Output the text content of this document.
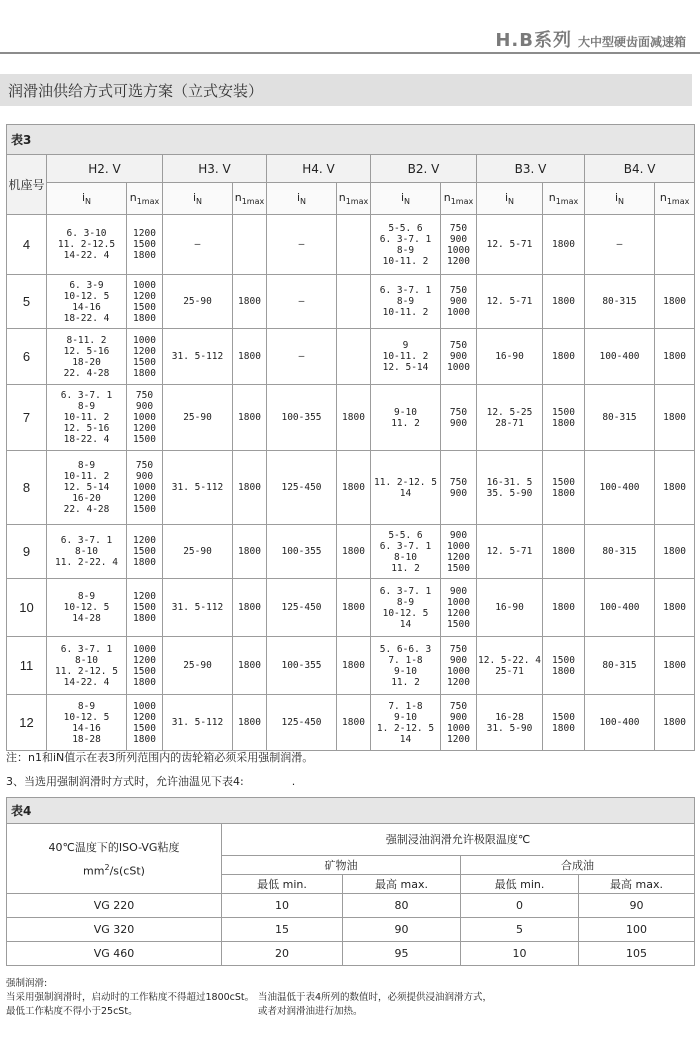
H.B系列 大中型硬齿面减速箱
润滑油供给方式可选方案（立式安装）
表3												
机座号	H2. V		H3. V		H4. V		B2. V		B3. V		B4. V	
	$i_N$	$n_{1max}$	$i_N$	$n_{1max}$	$i_N$	$n_{1max}$	$i_N$	$n_{1max}$	$i_N$	$n_{1max}$	$i_N$	$n_{1max}$
4	6. 3-10
11. 2-12.5
14-22. 4	1200
1500
1800	–		–		5-5. 6
6. 3-7. 1
8-9
10-11. 2	750
900
1000
1200	12. 5-71	1800	–	
5	6. 3-9
10-12. 5
14-16
18-22. 4	1000
1200
1500
1800	25-90	1800	–		6. 3-7. 1
8-9
10-11. 2	750
900
1000	12. 5-71	1800	80-315	1800
6	8-11. 2
12. 5-16
18-20
22. 4-28	1000
1200
1500
1800	31. 5-112	1800	–		9
10-11. 2
12. 5-14	750
900
1000	16-90	1800	100-400	1800
7	6. 3-7. 1
8-9
10-11. 2
12. 5-16
18-22. 4	750
900
1000
1200
1500	25-90	1800	100-355	1800	9-10
11. 2	750
900	12. 5-25
28-71	1500
1800	80-315	1800
8	8-9
10-11. 2
12. 5-14
16-20
22. 4-28	750
900
1000
1200
1500	31. 5-112	1800	125-450	1800	11. 2-12. 5
14	750
900	16-31. 5
35. 5-90	1500
1800	100-400	1800
9	6. 3-7. 1
8-10
11. 2-22. 4	1200
1500
1800	25-90	1800	100-355	1800	5-5. 6
6. 3-7. 1
8-10
11. 2	900
1000
1200
1500	12. 5-71	1800	80-315	1800
10	8-9
10-12. 5
14-28	1200
1500
1800	31. 5-112	1800	125-450	1800	6. 3-7. 1
8-9
10-12. 5
14	900
1000
1200
1500	16-90	1800	100-400	1800
11	6. 3-7. 1
8-10
11. 2-12. 5
14-22. 4	1000
1200
1500
1800	25-90	1800	100-355	1800	5. 6-6. 3
7. 1-8
9-10
11. 2	750
900
1000
1200	12. 5-22. 4
25-71	1500
1800	80-315	1800
12	8-9
10-12. 5
14-16
18-28	1000
1200
1500
1800	31. 5-112	1800	125-450	1800	7. 1-8
9-10
1. 2-12. 5
14	750
900
1000
1200	16-28
31. 5-90	1500
1800	100-400	1800
注：n1和iN值示在表3所列范围内的齿轮箱必须采用强制润滑。
3、当选用强制润滑时方式时，允许油温见下表4:	.
表4				

40℃温度下的ISO-VG粘度
$mm^2/s(cSt)$	强制浸油润滑允许极限温度℃			
	矿物油		合成油	
	最低 min.	最高 max.	最低 min.	最高 max.
VG 220	10	80	0	90
VG 320	15	90	5	100
VG 460	20	95	10	105
强制润滑:
当采用强制润滑时，启动时的工作粘度不得超过1800cSt。
最低工作粘度不得小于25cSt。
当油温低于表4所列的数值时，必须提供浸油润滑方式，
或者对润滑油进行加热。
